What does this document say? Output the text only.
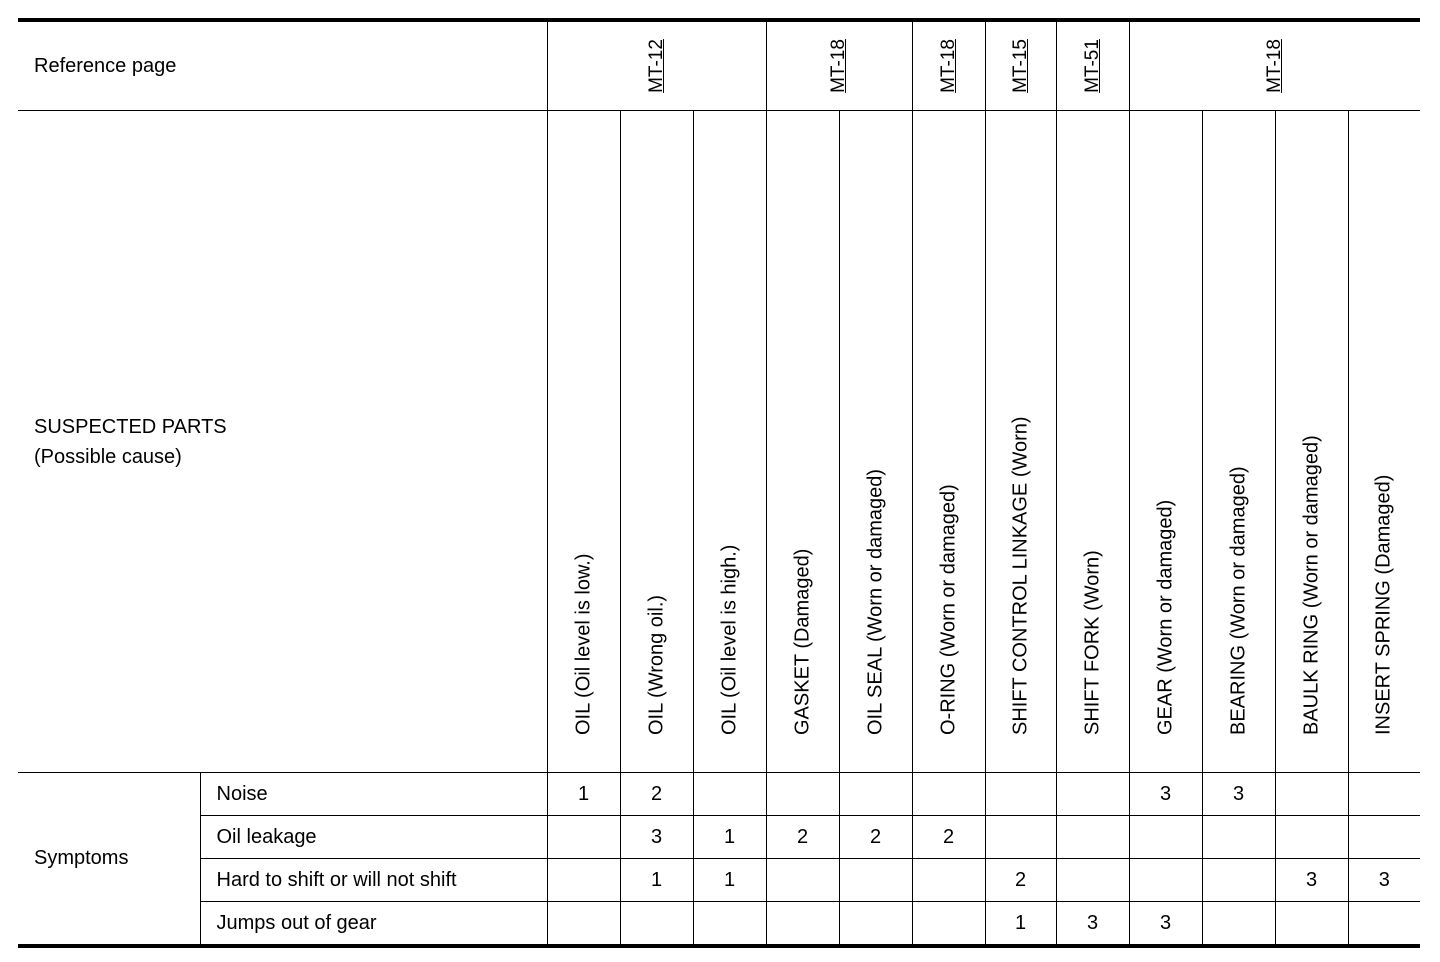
Reference page		MT-12			MT-18		MT-18	MT-15	MT-51	MT-18			

SUSPECTED PARTS
(Possible cause)		OIL (Oil level is low.)	OIL (Wrong oil.)	OIL (Oil level is high.)	GASKET (Damaged)	OIL SEAL (Worn or damaged)	O-RING (Worn or damaged)	SHIFT CONTROL LINKAGE (Worn)	SHIFT FORK (Worn)	GEAR (Worn or damaged)	BEARING (Worn or damaged)	BAULK RING (Worn or damaged)	INSERT SPRING (Damaged)

Symptoms	Noise	1	2							3	3		
	Oil leakage		3	1	2	2	2						
	Hard to shift or will not shift		1	1				2				3	3
	Jumps out of gear							1	3	3			
